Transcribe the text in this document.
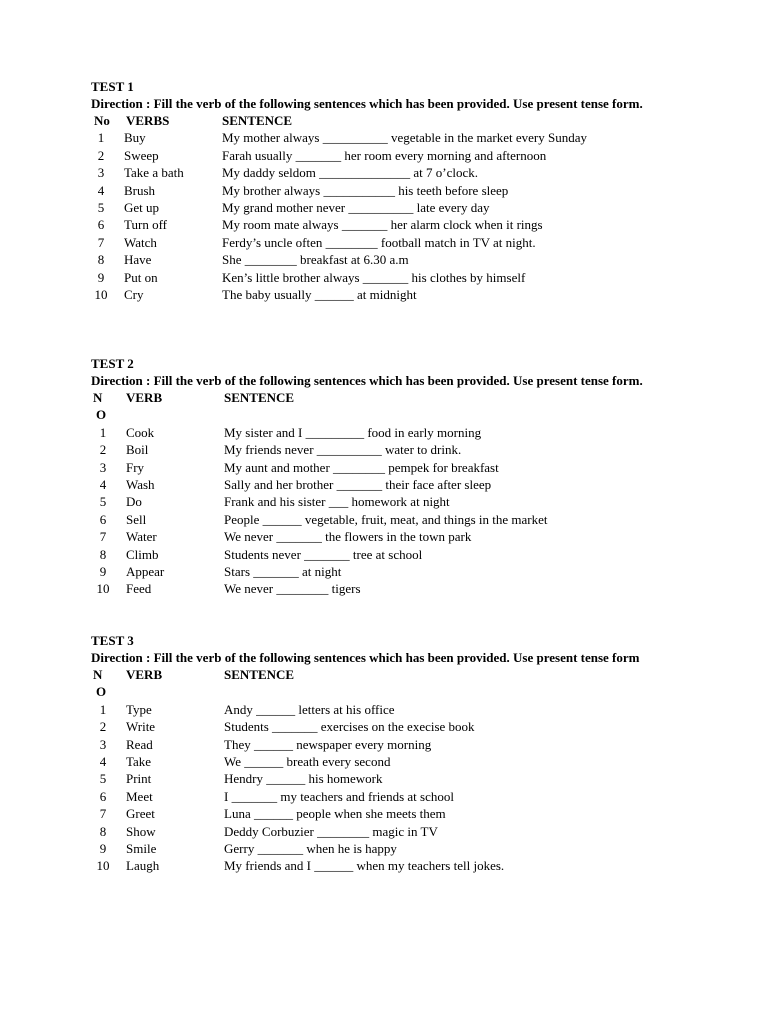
TEST 1

Direction : Fill the verb of the following sentences which has been provided. Use present tense form.

No	VERBS	SENTENCE
1	Buy	My mother always __________ vegetable in the market every Sunday
2	Sweep	Farah usually _______ her room every morning and afternoon
3	Take a bath	My daddy seldom ______________ at 7 o’clock.
4	Brush	My brother always ___________ his teeth before sleep
5	Get up	My grand mother never __________ late every day
6	Turn off	My room mate always _______ her alarm clock when it rings
7	Watch	Ferdy’s uncle often ________ football match in TV at night.
8	Have	She ________ breakfast at 6.30 a.m
9	Put on	Ken’s little brother always _______ his clothes by himself
10 Cry	The baby usually ______ at midnight

TEST 2

Direction : Fill the verb of the following sentences which has been provided. Use present tense form.

N	VERB	SENTENCE
O
1	Cook	My sister and I _________ food in early morning
2	Boil	My friends never __________ water to drink.
3	Fry	My aunt and mother ________ pempek for breakfast
4	Wash	Sally and her brother _______ their face after sleep
5	Do	Frank and his sister ___ homework at night
6	Sell	People ______ vegetable, fruit, meat, and things in the market
7	Water	We never _______ the flowers in the town park
8	Climb	Students never _______ tree at school
9	Appear	Stars _______ at night
10 Feed	We never ________ tigers

TEST 3

Direction : Fill the verb of the following sentences which has been provided. Use present tense form

N	VERB	SENTENCE
O
1	Type	Andy ______ letters at his office
2	Write	Students _______ exercises on the execise book
3	Read	They ______ newspaper every morning
4	Take	We ______ breath every second
5	Print	Hendry ______ his homework
6	Meet	I _______ my teachers and friends at school
7	Greet	Luna ______ people when she meets them
8	Show	Deddy Corbuzier ________ magic in TV
9	Smile	Gerry _______ when he is happy
10 Laugh	My friends and I ______ when my teachers tell jokes.
